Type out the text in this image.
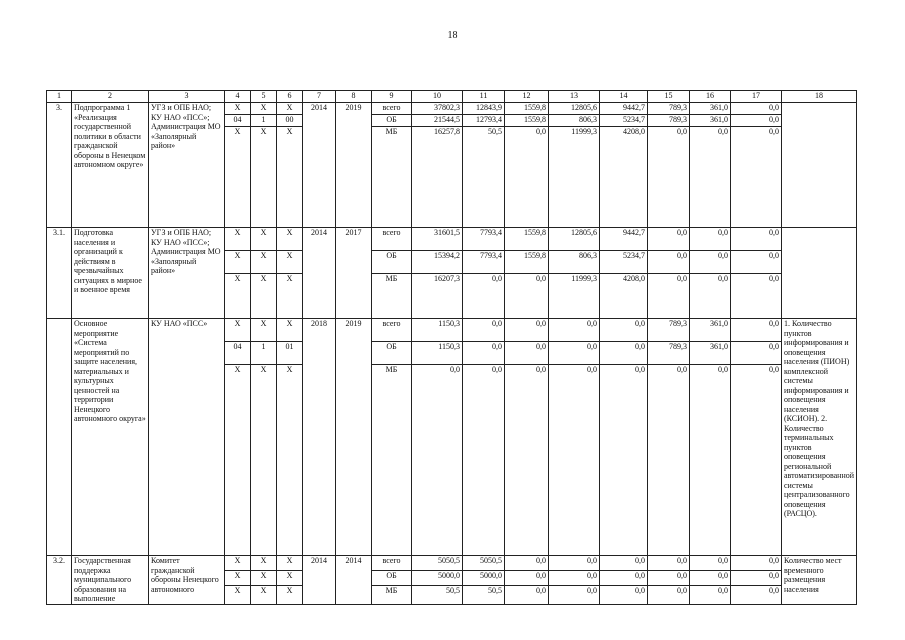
18
1	2	3	4	5	6	7	8	9	10	11	12	13	14	15	16	17	18
3.	Подпрограмма 1 «Реализация государственной политики в области гражданской обороны в Ненецком автономном округе»	УГЗ и ОПБ НАО; КУ НАО «ПСС»; Администрация МО «Заполярный район»	X	X	X	2014	2019	всего	37802,3	12843,9	1559,8	12805,6	9442,7	789,3	361,0	0,0	
			04	1	00			ОБ	21544,5	12793,4	1559,8	806,3	5234,7	789,3	361,0	0,0	
			X	X	X			МБ	16257,8	50,5	0,0	11999,3	4208,0	0,0	0,0	0,0	
3.1.	Подготовка населения и организаций к действиям в чрезвычайных ситуациях в мирное и военное время	УГЗ и ОПБ НАО; КУ НАО «ПСС»; Администрация МО «Заполярный район»	X	X	X	2014	2017	всего	31601,5	7793,4	1559,8	12805,6	9442,7	0,0	0,0	0,0	
			X	X	X			ОБ	15394,2	7793,4	1559,8	806,3	5234,7	0,0	0,0	0,0	
			X	X	X			МБ	16207,3	0,0	0,0	11999,3	4208,0	0,0	0,0	0,0	
	Основное мероприятие «Система мероприятий по защите населения, материальных и культурных ценностей на территории Ненецкого автономного округа»	КУ НАО «ПСС»	X	X	X	2018	2019	всего	1150,3	0,0	0,0	0,0	0,0	789,3	361,0	0,0	1. Количество пунктов информирования и оповещения населения (ПИОН) комплексной системы информирования и оповещения населения (КСИОН). 2. Количество терминальных пунктов оповещения региональной автоматизированной системы централизованного оповещения (РАСЦО).
			04	1	01			ОБ	1150,3	0,0	0,0	0,0	0,0	789,3	361,0	0,0	
			X	X	X			МБ	0,0	0,0	0,0	0,0	0,0	0,0	0,0	0,0	
3.2.	Государственная поддержка муниципального образования на выполнение	Комитет гражданской обороны Ненецкого автономного	X	X	X	2014	2014	всего	5050,5	5050,5	0,0	0,0	0,0	0,0	0,0	0,0	Количество мест временного размещения населения
			X	X	X			ОБ	5000,0	5000,0	0,0	0,0	0,0	0,0	0,0	0,0	
			X	X	X			МБ	50,5	50,5	0,0	0,0	0,0	0,0	0,0	0,0	
